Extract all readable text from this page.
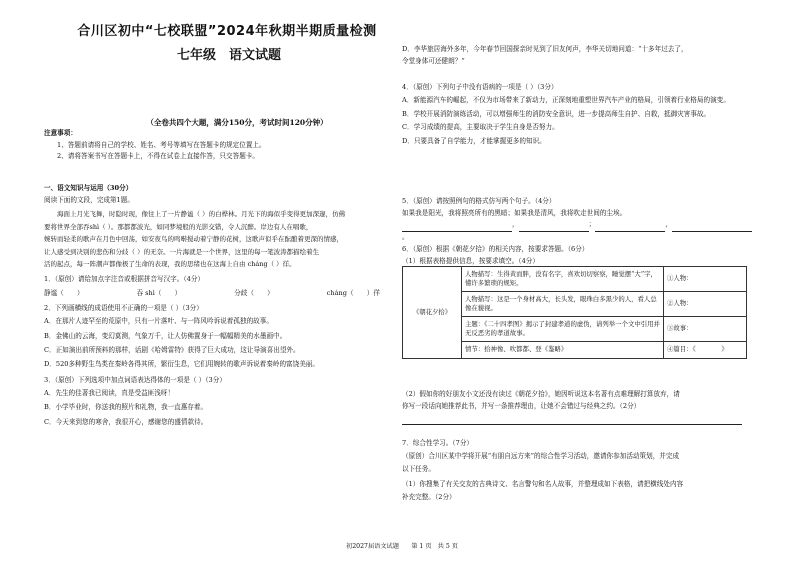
合川区初中“七校联盟”2024年秋期半期质量检测
七年级　语文试题
（全卷共四个大题，满分150分，考试时间120分钟）

注意事项：

1、答题前请将自己的学校、姓名、考号等填写在答题卡的规定位置上。

2、请将答案书写在答题卡上，不得在试卷上直接作答，只交答题卡。

一、语文知识与运用（30分）

阅读下面的文段，完成第1题。

海面上月光飞舞，时隐时现，像往上了一片静谧（ ）的白桦林。月光下的海似乎变得更加深邃，仿佛

要将世界全部吞shì（ ）。那都都波光，如同梦境般的光影交错，令人沉醉。岸边有人在唱歌，

婉转而轻柔的歌声在月色中回荡，如安夜鸟的鸣啭搅动着宁静的花树，这歌声似乎在酝酿着更深的情感，

让人感受到决别的悲伤和分歧（ ）的无奈。一片海就是一个世界，这里的每一笔波涛都描绘着生

活的起点，每一阵潮声都像极了生命的表现，我的思绪也在这海上自由 cháng（ ）徉。

1．（原创）请给加点字注音或根据拼音写汉字。（4分）

静谧（　　）	吞 shì（　　）	分歧（　　）	cháng（　　）徉

2．下列画横线的成语使用不正确的一项是（ ）（3分）

A．在那片人迹罕至的荒原中，只有一片落叶、与一阵风吟诉说着孤独的故事。

B．金佛山的云海，变幻莫测，气象万千，让人仿佛置身于一幅幅精美的水墨画中。

C．正如演出前所预料的那样，话剧《哈姆雷特》获得了巨大成功，这让导演喜出望外。

D．520多种野生鸟类在秦岭各得其所，繁衍生息，它们用婉转的歌声诉说着秦岭的富饶美丽。

3．（原创）下列选项中加点词语表达得体的一项是（ ）（3分）

A．先生的佳著我已阅读，真是受益匪浅呀！

B．小学毕业时，你送我的照片和礼物，我一直惠存着。

C．今天来到您的寒舍，我很开心，感谢您的盛情款待。

D．李华旅居海外多年，今年春节回国探亲时见到了旧友何声，李华关切地问道：“十多年过去了，

令堂身体可还健朗？”

4．（原创）下列句子中没有语病的一项是（ ）（3分）

A．新能源汽车的崛起，不仅为市场带来了新动力，正深刻地重塑世界汽车产业的格局，引领着行业格局的演变。

B．学校开展消防演练活动，可以增强师生的消防安全意识，进一步提高师生自护、自救，抵御灾害事故。

C．学习成绩的提高，主要取决于学生自身是否努力。

D．只要具备了自学能力，才能掌握更多的知识。

5．（原创）请按照例句的格式仿写两个句子。（4分）

如果我是阳光，我将照亮所有的黑暗；如果我是清风，我将吹走世间的尘埃。

，	；	， 。

6．（原创）根据《朝花夕拾》的相关内容，按要求答题。（6分）

（1）根据表格提供信息，按要求填空。（4分）

《朝花夕拾》	人物描写：生得黄而胖，没有名字，喜欢切切察察，睡觉摆“大”字，懂许多繁琐的规矩。	①人物：
	人物描写：这是一个身材高大，长头发，眼珠白多黑少的人，看人总像在藐视。	②人物：
	主题：《二十四孝图》揭示了封建孝道的虚伪，请列举一个文中引用并无反恶劣的孝道故事。	③故事：
	情节：拾神像、吹都都、登《鉴略》	④篇目：《　　　　》

（2）假如你的好朋友小文还没有读过《朝花夕拾》，她因听说这本名著有点难理解打算放弃，请

你写一段话向她推荐此书，并写一条推荐理由，让她不会错过与经典之约。（2分）

7．综合性学习。（7分）

（原创）合川区某中学将开展“有朋自远方来”的综合性学习活动，邀请你参加活动策划，并完成

以下任务。

（1）你搜集了有关交友的古典诗文、名言警句和名人故事，并整理成如下表格，请把横线处内容

补充完整。（2分）

初2027届语文试题　　第 1 页　共 5 页
